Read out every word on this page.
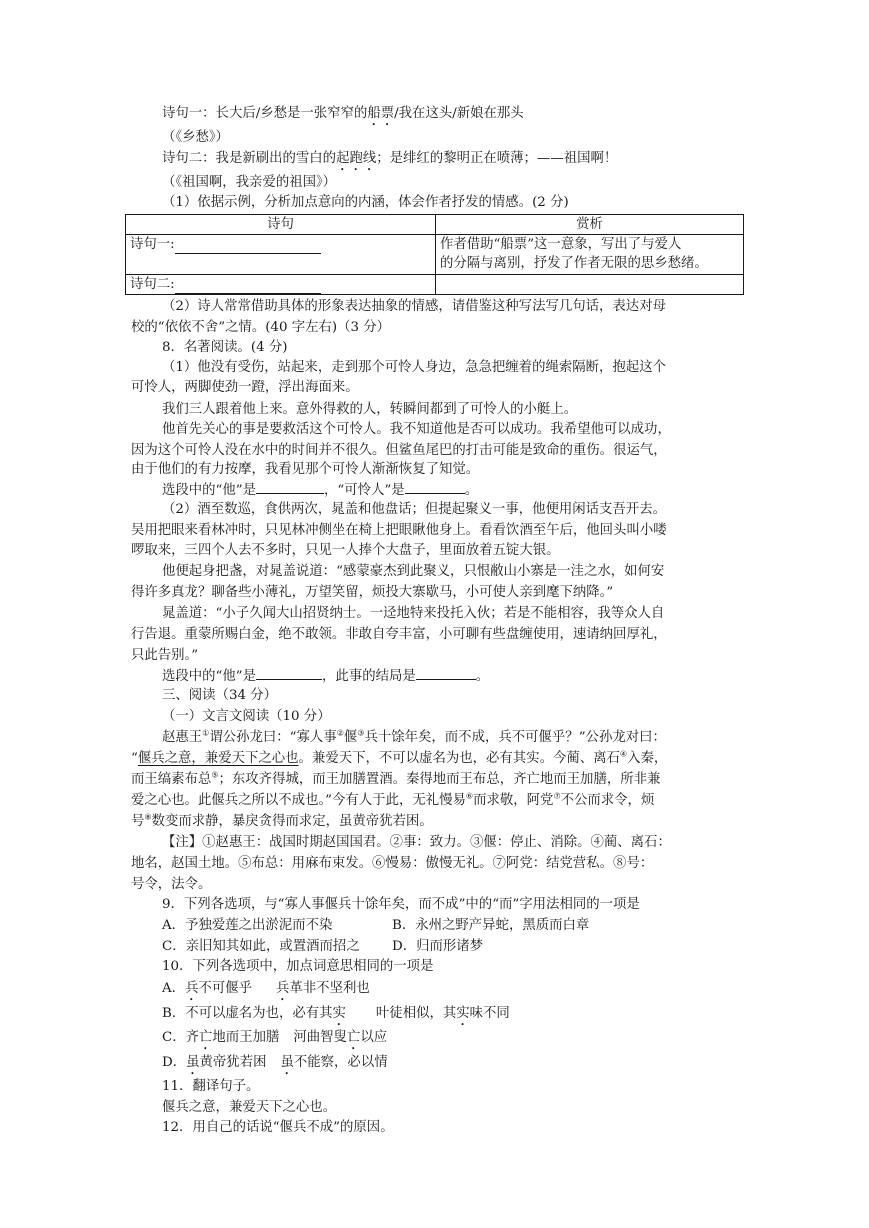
诗句一：长大后/乡愁是一张窄窄的船票/我在这头/新娘在那头
（《乡愁》）
诗句二：我是新刷出的雪白的起跑线；是绯红的黎明正在喷薄；——祖国啊！
（《祖国啊，我亲爱的祖国》）
（1）依据示例，分析加点意向的内涵，体会作者抒发的情感。(2 分)
诗句	赏析
诗句一:	作者借助“船票”这一意象，写出了与爱人
的分隔与离别，抒发了作者无限的思乡愁绪。

诗句二:	
（2）诗人常常借助具体的形象表达抽象的情感，请借鉴这种写法写几句话，表达对母
校的“依依不舍”之情。(40 字左右)（3 分）
8．名著阅读。(4 分)
（1）他没有受伤，站起来，走到那个可怜人身边，急急把缠着的绳索隔断，抱起这个
可怜人，两脚使劲一蹬，浮出海面来。
我们三人跟着他上来。意外得救的人，转瞬间都到了可怜人的小艇上。
他首先关心的事是要救活这个可怜人。我不知道他是否可以成功。我希望他可以成功，
因为这个可怜人没在水中的时间并不很久。但鲨鱼尾巴的打击可能是致命的重伤。很运气，
由于他们的有力按摩，我看见那个可怜人渐渐恢复了知觉。
选段中的“他”是	，“可怜人”是	。
（2）酒至数巡，食供两次，晁盖和他盘话；但提起聚义一事，他便用闲话支吾开去。
吴用把眼来看林冲时，只见林冲侧坐在椅上把眼瞅他身上。看看饮酒至午后，他回头叫小喽
啰取来，三四个人去不多时，只见一人捧个大盘子，里面放着五锭大银。
他便起身把盏，对晁盖说道：“感蒙豪杰到此聚义，只恨敝山小寨是一洼之水，如何安
得许多真龙？聊备些小薄礼，万望笑留，烦投大寨歇马，小可使人亲到麾下纳降。”
晁盖道：“小子久闻大山招贤纳士。一迳地特来投托入伙；若是不能相容，我等众人自
行告退。重蒙所赐白金，绝不敢领。非敢自夸丰富，小可聊有些盘缠使用，速请纳回厚礼，
只此告别。”
选段中的“他”是	，此事的结局是	。
三、阅读（34 分）
（一）文言文阅读（10 分）
赵惠王①谓公孙龙曰：“寡人事②偃③兵十馀年矣，而不成，兵不可偃乎？”公孙龙对曰：
“偃兵之意，兼爱天下之心也。兼爱天下，不可以虚名为也，必有其实。今蔺、离石④入秦，
而王缟素布总⑤；东攻齐得城，而王加膳置酒。秦得地而王布总，齐亡地而王加膳，所非兼
爱之心也。此偃兵之所以不成也。”今有人于此，无礼慢易⑥而求敬，阿党⑦不公而求令，烦
号⑧数变而求静，暴戾贪得而求定，虽黄帝犹若困。
【注】①赵惠王：战国时期赵国国君。②事：致力。③偃：停止、消除。④蔺、离石：
地名，赵国土地。⑤布总：用麻布束发。⑥慢易：傲慢无礼。⑦阿党：结党营私。⑧号：
号令，法令。
9．下列各选项，与“寡人事偃兵十馀年矣，而不成”中的“而”字用法相同的一项是
A．予独爱莲之出淤泥而不染	B．永州之野产异蛇，黑质而白章
C．亲旧知其如此，或置酒而招之 D．归而形诸梦
10．下列各选项中，加点词意思相同的一项是
A．兵不可偃乎 兵革非不坚利也
B．不可以虚名为也，必有其实 叶徒相似，其实味不同
C．齐亡地而王加膳 河曲智叟亡以应
D．虽黄帝犹若困 虽不能察，必以情
11．翻译句子。
偃兵之意，兼爱天下之心也。
12．用自己的话说“偃兵不成”的原因。
